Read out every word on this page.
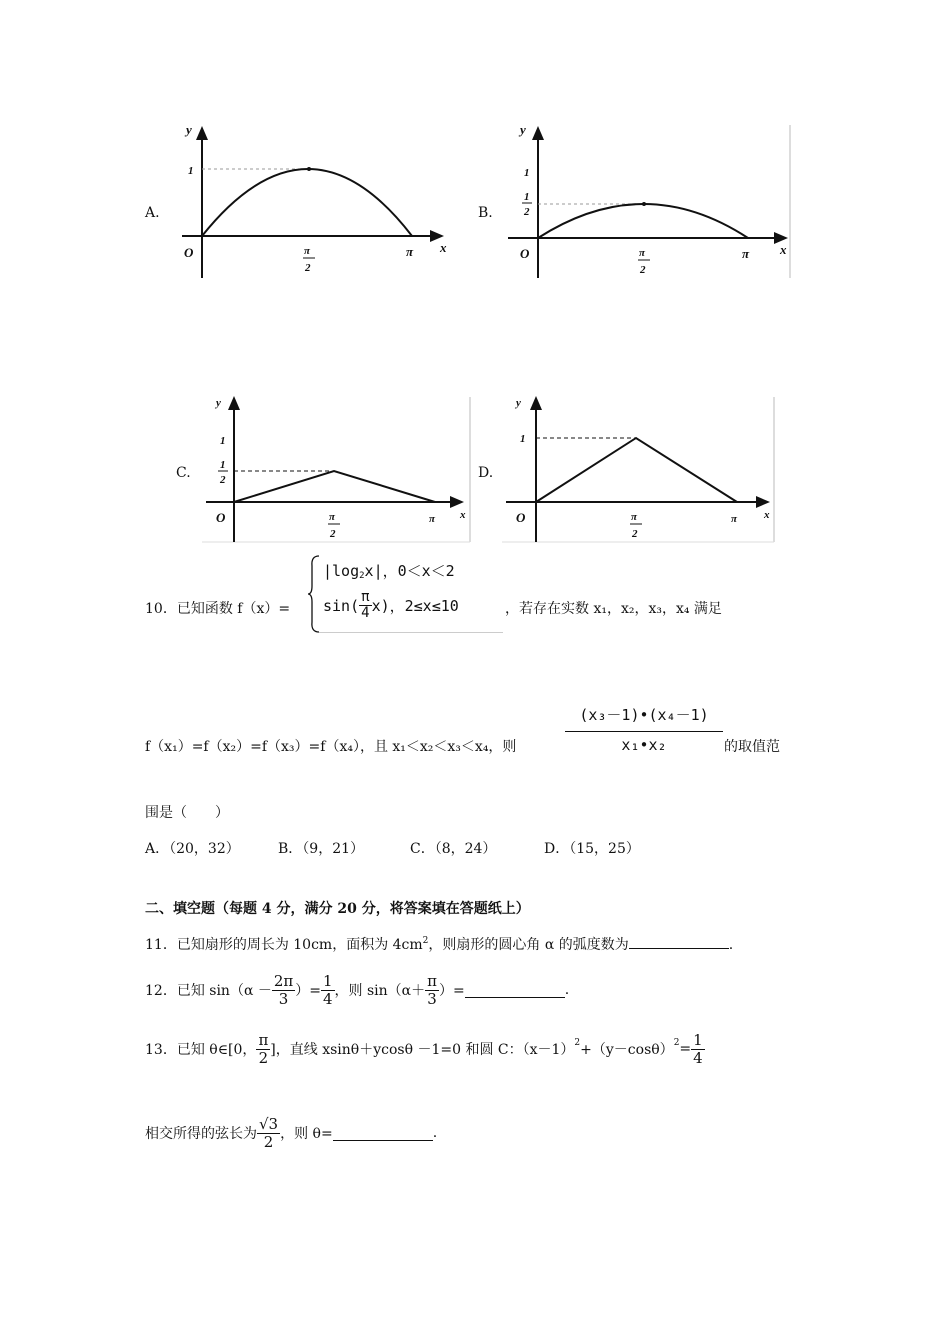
A.
y
x
O
1
π
2
π
B.
y
x
O
1
1
2
π
2
π
C.
y
x
O
1
1
2
π
2
π
D.
y
x
O
1
π
2
π
10．已知函数 f（x）=
$|\log_2x|$，0＜x＜2
$\sin( \frac{\pi}{4} x)$，2≤x≤10	，若存在实数 x₁，x₂，x₃，x₄ 满足
f（x₁）=f（x₂）=f（x₃）=f（x₄），且 x₁＜x₂＜x₃＜x₄，则	$\frac{\text{(x₃－1)•(x₄－1)}}{\text{x₁•x₂}}$ 的取值范
围是（　　）
A．（20，32）	B．（9，21）	C．（8，24）	D．（15，25）
二、填空题（每题 4 分，满分 20 分，将答案填在答题纸上）
11．已知扇形的周长为 10cm，面积为 $4cm^2$，则扇形的圆心角 α 的弧度数为	.
12．已知 $\sin(\alpha - \frac{2\pi}{3}$ ）= $\frac{1}{4}$ ，则 $\sin(\alpha+ \frac{\pi}{3}$ ）=	.
13．已知 θ∈[0， $\frac{\pi}{2}$ ]，直线 xsinθ＋ycosθ －1=0 和圆 C：（x－1） 2 +（y－cosθ） $2 = \frac{1}{4}$
相交所得的弦长为 $\frac{√3}{2}$ ，则 θ=	.
